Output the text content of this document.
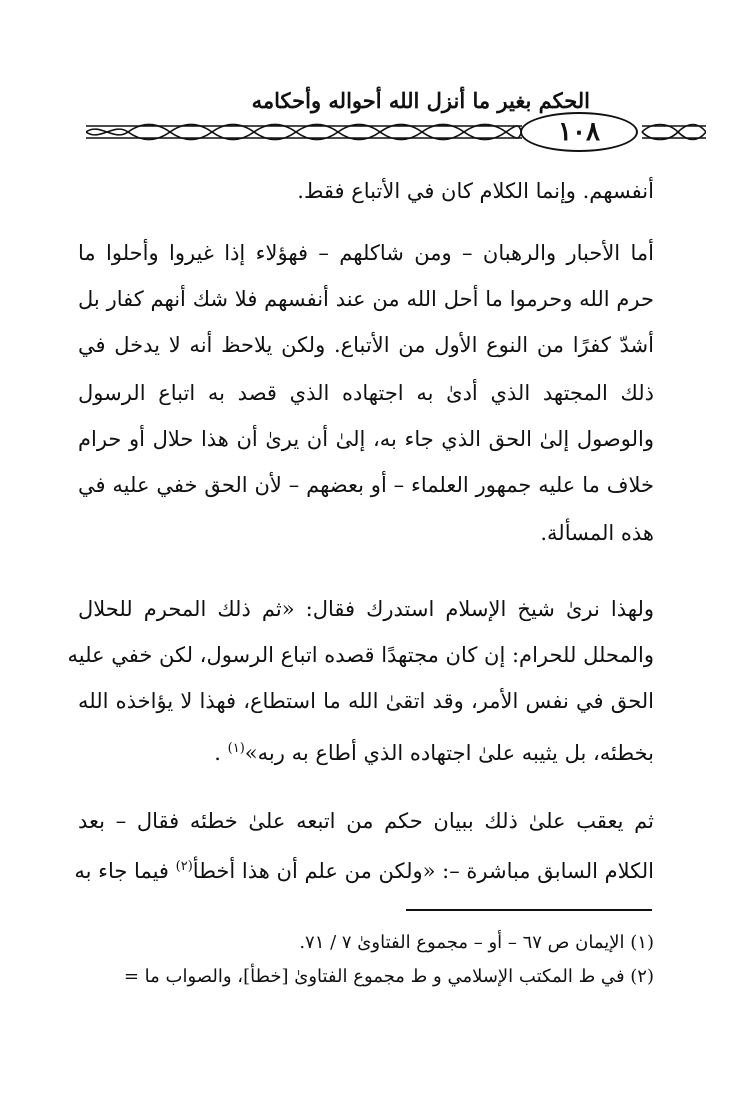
الحكم بغير ما أنزل الله أحواله وأحكامه
١٠٨
أنفسهم. وإنما الكلام كان في الأتباع فقط.
أما الأحبار والرهبان – ومن شاكلهم – فهؤلاء إذا غيروا وأحلوا ما
حرم الله وحرموا ما أحل الله من عند أنفسهم فلا شك أنهم كفار بل
أشدّ كفرًا من النوع الأول من الأتباع. ولكن يلاحظ أنه لا يدخل في
ذلك المجتهد الذي أدىٰ به اجتهاده الذي قصد به اتباع الرسول
والوصول إلىٰ الحق الذي جاء به، إلىٰ أن يرىٰ أن هذا حلال أو حرام
خلاف ما عليه جمهور العلماء – أو بعضهم – لأن الحق خفي عليه في
هذه المسألة.
ولهذا نرىٰ شيخ الإسلام استدرك فقال: «ثم ذلك المحرم للحلال
والمحلل للحرام: إن كان مجتهدًا قصده اتباع الرسول، لكن خفي عليه
الحق في نفس الأمر، وقد اتقىٰ الله ما استطاع، فهذا لا يؤاخذه الله
بخطئه، بل يثيبه علىٰ اجتهاده الذي أطاع به ربه»$^{(١)}$ .
ثم يعقب علىٰ ذلك ببيان حكم من اتبعه علىٰ خطئه فقال – بعد
الكلام السابق مباشرة –: «ولكن من علم أن هذا أخطأ$^{(٢)}$ فيما جاء به
(١) الإيمان ص ٦٧ – أو – مجموع الفتاوىٰ ٧ / ٧١.
(٢) في ط المكتب الإسلامي و ط مجموع الفتاوىٰ [خطأ]، والصواب ما =
